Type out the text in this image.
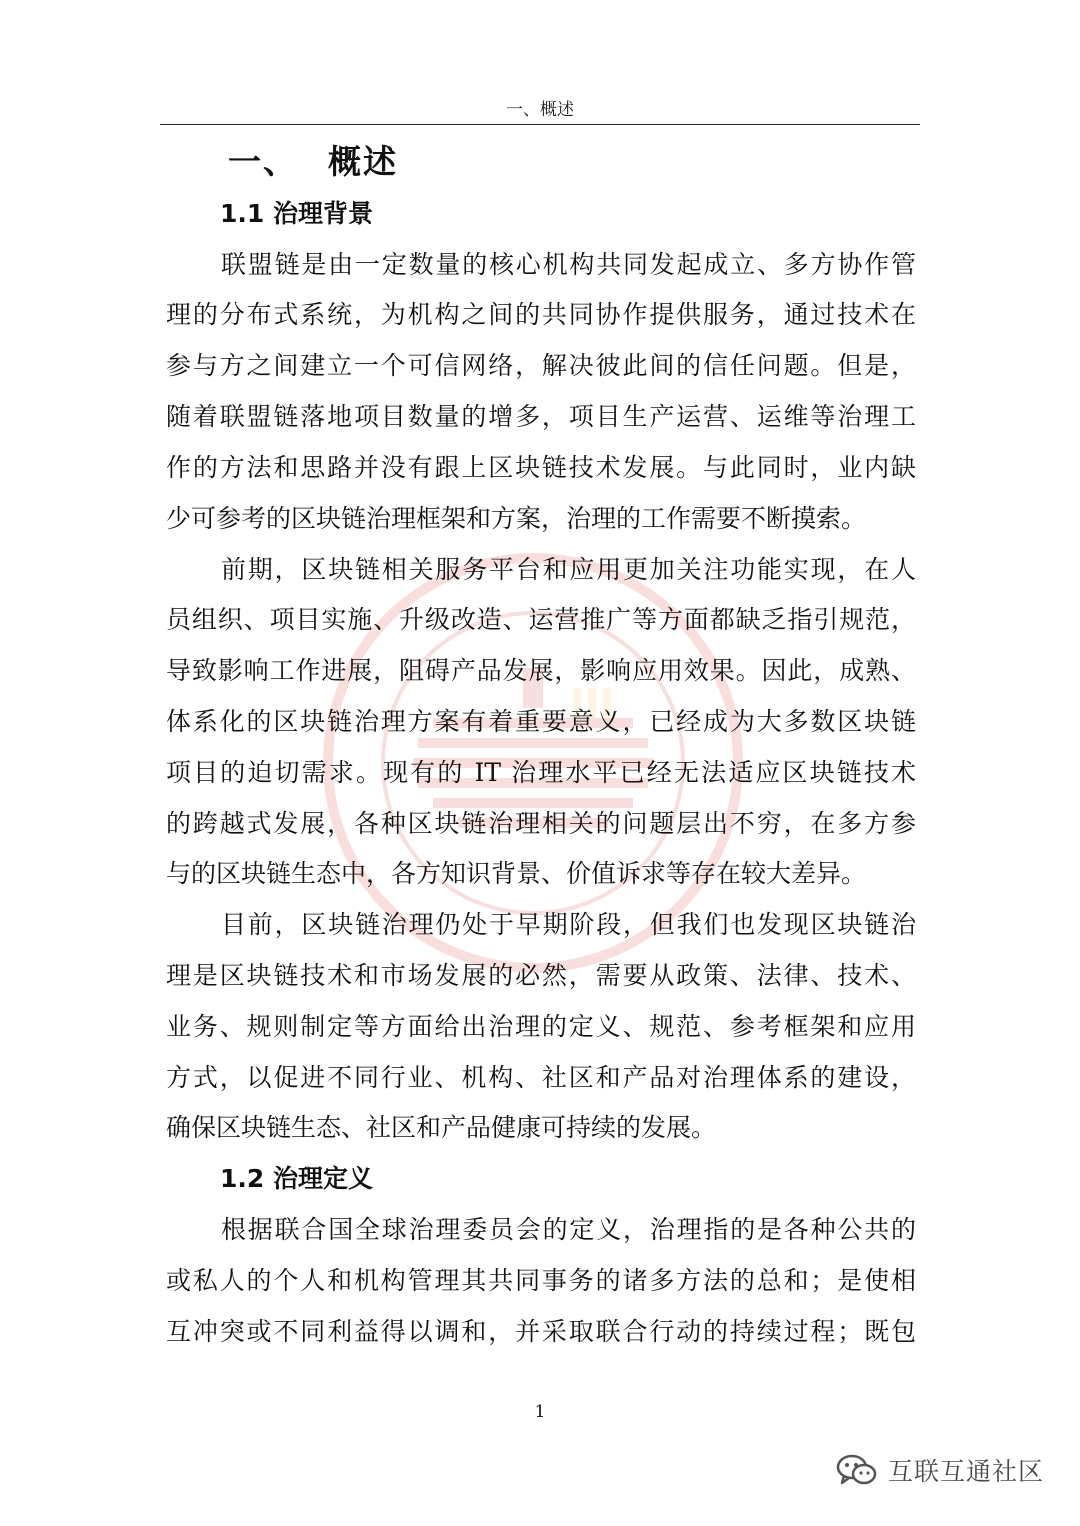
一、概述
一、 概述
1.1 治理背景
联盟链是由一定数量的核心机构共同发起成立、多方协作管
理的分布式系统，为机构之间的共同协作提供服务，通过技术在
参与方之间建立一个可信网络，解决彼此间的信任问题。但是，
随着联盟链落地项目数量的增多，项目生产运营、运维等治理工
作的方法和思路并没有跟上区块链技术发展。与此同时，业内缺
少可参考的区块链治理框架和方案，治理的工作需要不断摸索。
前期，区块链相关服务平台和应用更加关注功能实现，在人
员组织、项目实施、升级改造、运营推广等方面都缺乏指引规范，
导致影响工作进展，阻碍产品发展，影响应用效果。因此，成熟、
体系化的区块链治理方案有着重要意义，已经成为大多数区块链
项目的迫切需求。现有的 IT 治理水平已经无法适应区块链技术
的跨越式发展，各种区块链治理相关的问题层出不穷，在多方参
与的区块链生态中，各方知识背景、价值诉求等存在较大差异。
目前，区块链治理仍处于早期阶段，但我们也发现区块链治
理是区块链技术和市场发展的必然，需要从政策、法律、技术、
业务、规则制定等方面给出治理的定义、规范、参考框架和应用
方式，以促进不同行业、机构、社区和产品对治理体系的建设，
确保区块链生态、社区和产品健康可持续的发展。
1.2 治理定义
根据联合国全球治理委员会的定义，治理指的是各种公共的
或私人的个人和机构管理其共同事务的诸多方法的总和；是使相
互冲突或不同利益得以调和，并采取联合行动的持续过程；既包
1
互联互通社区
